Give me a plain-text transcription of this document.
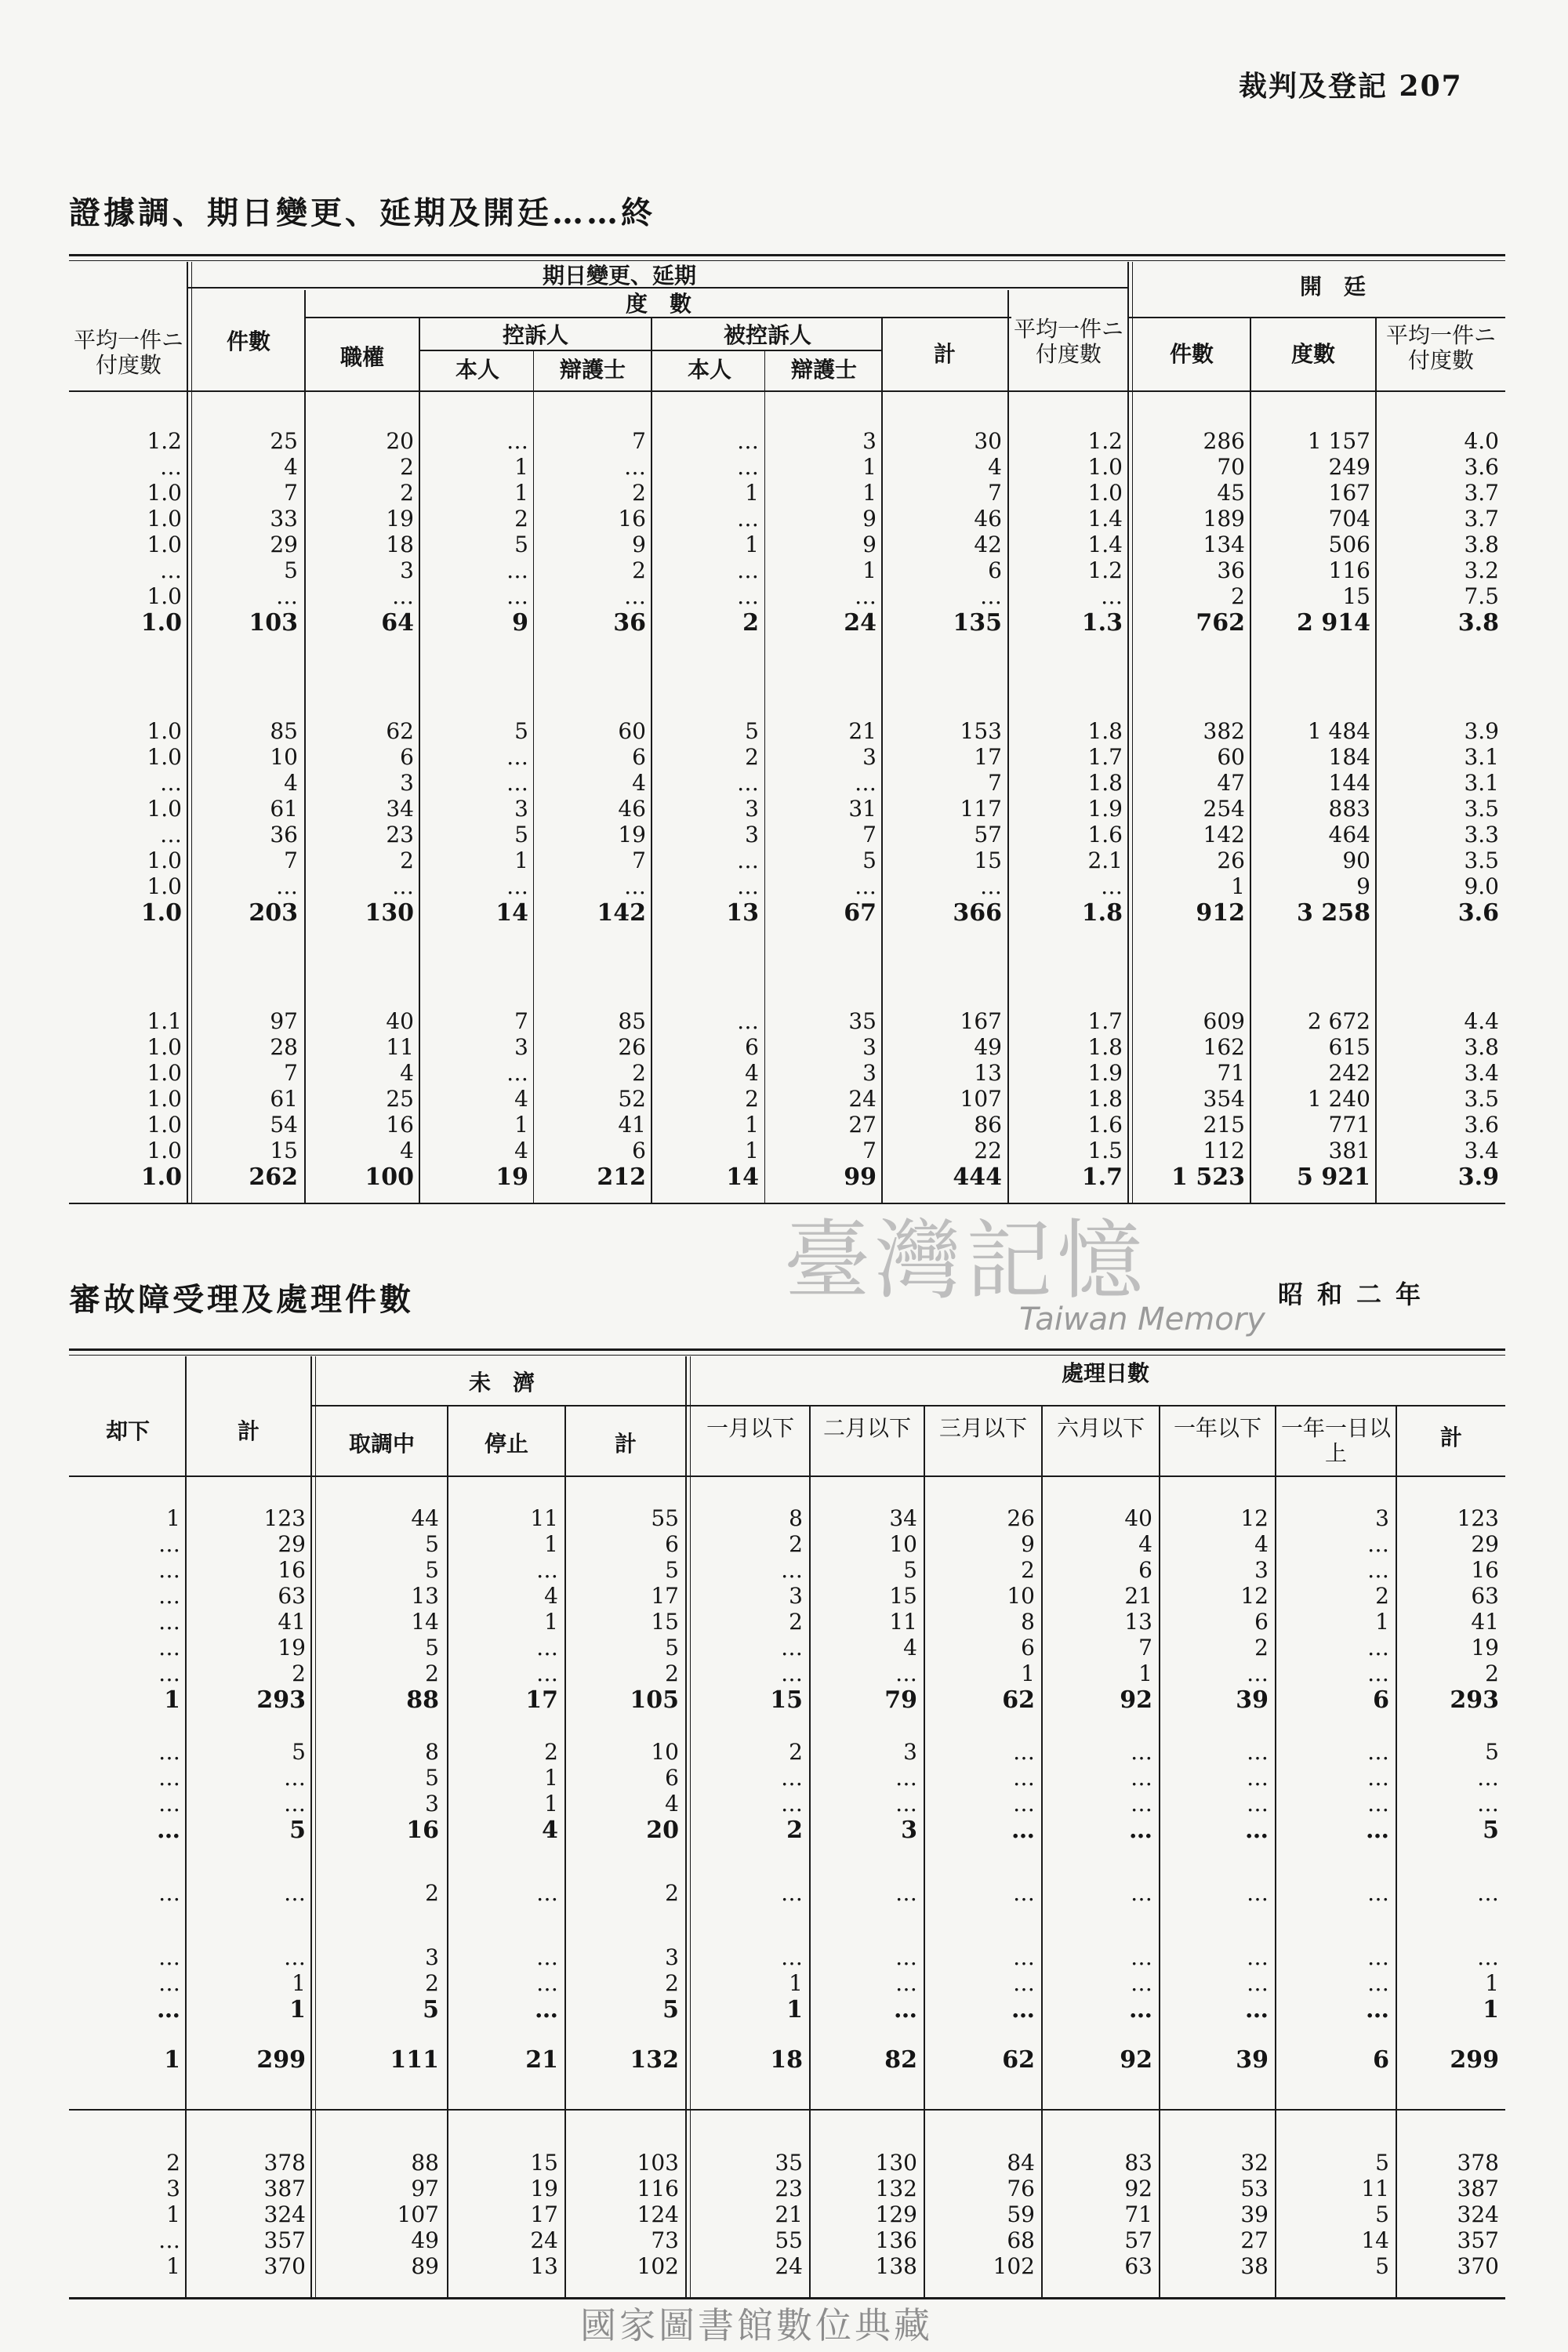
裁判及登記 207
證據調、期日變更、延期及開廷……終
期日變更、延期
度　數
開　廷
平均一件ニ付度數
件數
職權
控訴人	被控訴人
本人	辯護士	本人	辯護士
計
平均一件ニ付度數	件數	度數
平均一件ニ付度數
1.2	25	20	…	7	…	3	30	1.2	286	1 157	4.0
…	4	2	1	…	…	1	4	1.0	70	249	3.6
1.0	7	2	1	2	1	1	7	1.0	45	167	3.7
1.0	33	19	2	16	…	9	46	1.4	189	704	3.7
1.0	29	18	5	9	1	9	42	1.4	134	506	3.8
…	5	3	…	2	…	1	6	1.2	36	116	3.2
1.0	…	…	…	…	…	…	…	…	2	15	7.5
1.0	103	64	9	36	2	24	135	1.3	762	2 914	3.8
1.0	85	62	5	60	5	21	153	1.8	382	1 484	3.9
1.0	10	6	…	6	2	3	17	1.7	60	184	3.1
…	4	3	…	4	…	…	7	1.8	47	144	3.1
1.0	61	34	3	46	3	31	117	1.9	254	883	3.5
…	36	23	5	19	3	7	57	1.6	142	464	3.3
1.0	7	2	1	7	…	5	15	2.1	26	90	3.5
1.0	…	…	…	…	…	…	…	…	1	9	9.0
1.0	203	130	14	142	13	67	366	1.8	912	3 258	3.6
1.1	97	40	7	85	…	35	167	1.7	609	2 672	4.4
1.0	28	11	3	26	6	3	49	1.8	162	615	3.8
1.0	7	4	…	2	4	3	13	1.9	71	242	3.4
1.0	61	25	4	52	2	24	107	1.8	354	1 240	3.5
1.0	54	16	1	41	1	27	86	1.6	215	771	3.6
1.0	15	4	4	6	1	7	22	1.5	112	381	3.4
1.0	262	100	19	212	14	99	444	1.7	1 523	5 921	3.9
臺灣記憶
Taiwan Memory
審故障受理及處理件數	昭和二年
未　濟	處理日數
却下	計	取調中	停止	計
一月以下	二月以下	三月以下	六月以下	一年以下 一年一日以上
計
1	123	44	11	55	8	34	26	40	12	3	123
…	29	5	1	6	2	10	9	4	4	…	29
…	16	5	…	5	…	5	2	6	3	…	16
…	63	13	4	17	3	15	10	21	12	2	63
…	41	14	1	15	2	11	8	13	6	1	41
…	19	5	…	5	…	4	6	7	2	…	19
…	2	2	…	2	…	…	1	1	…	…	2
1	293	88	17	105	15	79	62	92	39	6	293
…	5	8	2	10	2	3	…	…	…	…	5
…	…	5	1	6	…	…	…	…	…	…	…
…	…	3	1	4	…	…	…	…	…	…	…
…	5	16	4	20	2	3	…	…	…	…	5
…	…	2	…	2	…	…	…	…	…	…	…
…	…	3	…	3	…	…	…	…	…	…	…
…	1	2	…	2	1	…	…	…	…	…	1
…	1	5	…	5	1	…	…	…	…	…	1
1	299	111	21	132	18	82	62	92	39	6	299
2	378	88	15	103	35	130	84	83	32	5	378
3	387	97	19	116	23	132	76	92	53	11	387
1	324	107	17	124	21	129	59	71	39	5	324
…	357	49	24	73	55	136	68	57	27	14	357
1	370	89	13	102	24	138	102	63	38	5	370
國家圖書館數位典藏
